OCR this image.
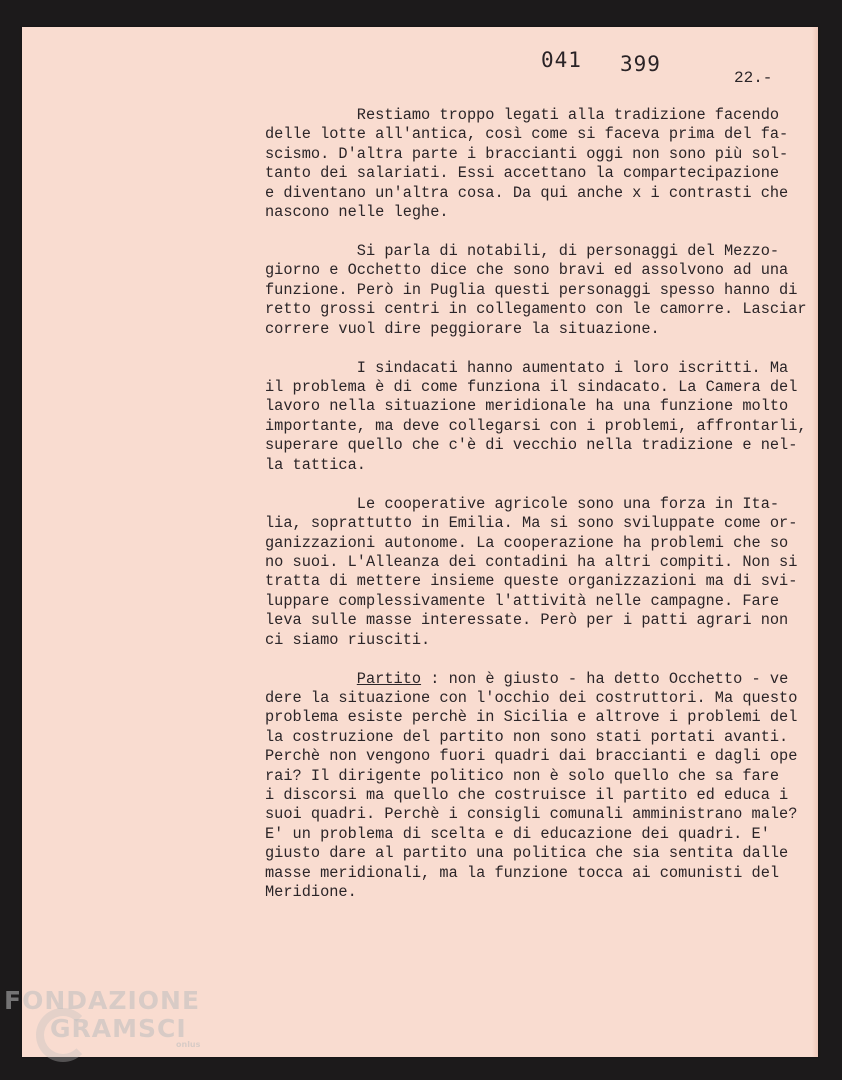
041 399
22.-
Restiamo troppo legati alla tradizione facendo
delle lotte all'antica, così come si faceva prima del fa-
scismo. D'altra parte i braccianti oggi non sono più sol-
tanto dei salariati. Essi accettano la compartecipazione
e diventano un'altra cosa. Da qui anche x i contrasti che
nascono nelle leghe.
Si parla di notabili, di personaggi del Mezzo-
giorno e Occhetto dice che sono bravi ed assolvono ad una
funzione. Però in Puglia questi personaggi spesso hanno di
retto grossi centri in collegamento con le camorre. Lasciar
correre vuol dire peggiorare la situazione.
I sindacati hanno aumentato i loro iscritti. Ma
il problema è di come funziona il sindacato. La Camera del
lavoro nella situazione meridionale ha una funzione molto
importante, ma deve collegarsi con i problemi, affrontarli,
superare quello che c'è di vecchio nella tradizione e nel-
la tattica.
Le cooperative agricole sono una forza in Ita-
lia, soprattutto in Emilia. Ma si sono sviluppate come or-
ganizzazioni autonome. La cooperazione ha problemi che so
no suoi. L'Alleanza dei contadini ha altri compiti. Non si
tratta di mettere insieme queste organizzazioni ma di svi-
luppare complessivamente l'attività nelle campagne. Fare
leva sulle masse interessate. Però per i patti agrari non
ci siamo riusciti.
Partito : non è giusto - ha detto Occhetto - ve
dere la situazione con l'occhio dei costruttori. Ma questo
problema esiste perchè in Sicilia e altrove i problemi del
la costruzione del partito non sono stati portati avanti.
Perchè non vengono fuori quadri dai braccianti e dagli ope
rai? Il dirigente politico non è solo quello che sa fare
i discorsi ma quello che costruisce il partito ed educa i
suoi quadri. Perchè i consigli comunali amministrano male?
E' un problema di scelta e di educazione dei quadri. E'
giusto dare al partito una politica che sia sentita dalle
masse meridionali, ma la funzione tocca ai comunisti del
Meridione.
FONDAZIONE
GRAMSCI
onlus
